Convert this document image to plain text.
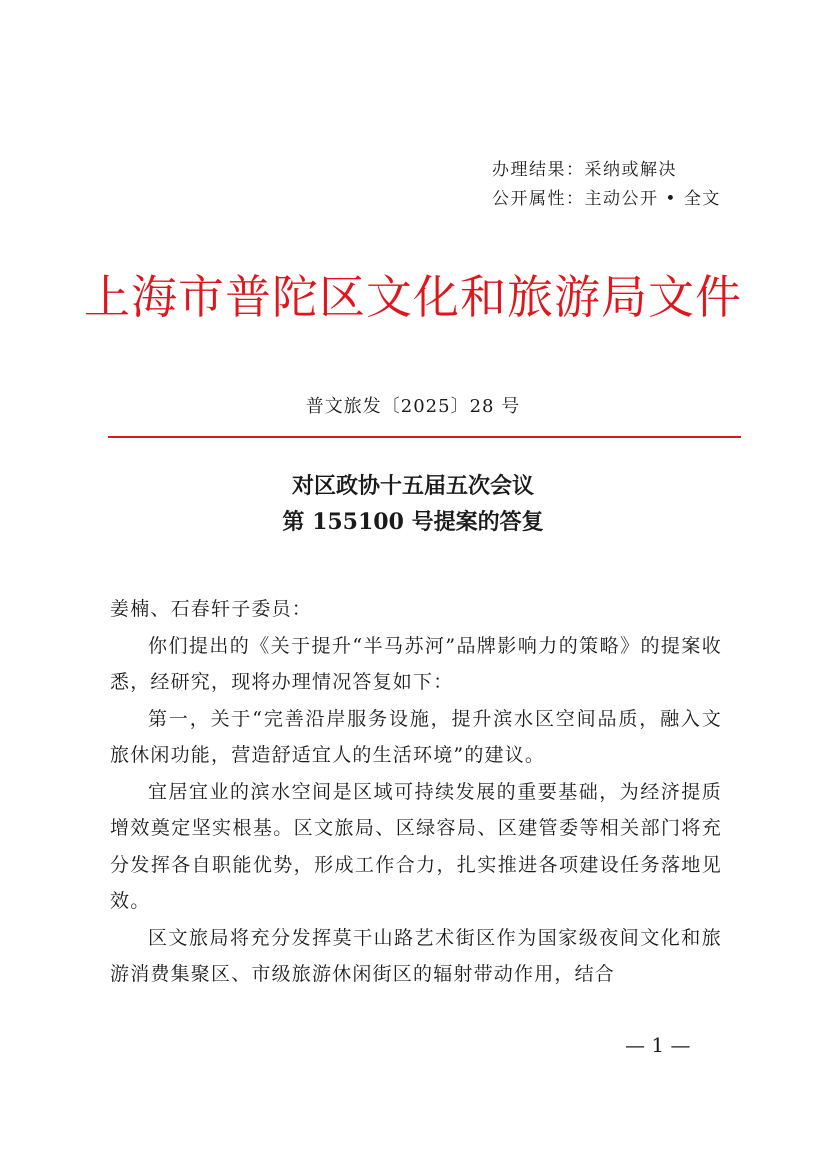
办理结果：采纳或解决
公开属性：主动公开 • 全文
上海市普陀区文化和旅游局文件
普文旅发〔2025〕28 号
对区政协十五届五次会议
第 155100 号提案的答复

姜楠、石春轩子委员：

你们提出的《关于提升“半马苏河”品牌影响力的策略》的提案收悉，经研究，现将办理情况答复如下：

第一，关于“完善沿岸服务设施，提升滨水区空间品质，融入文旅休闲功能，营造舒适宜人的生活环境”的建议。

宜居宜业的滨水空间是区域可持续发展的重要基础，为经济提质增效奠定坚实根基。区文旅局、区绿容局、区建管委等相关部门将充分发挥各自职能优势，形成工作合力，扎实推进各项建设任务落地见效。

区文旅局将充分发挥莫干山路艺术街区作为国家级夜间文化和旅游消费集聚区、市级旅游休闲街区的辐射带动作用，结合

— 1 —
